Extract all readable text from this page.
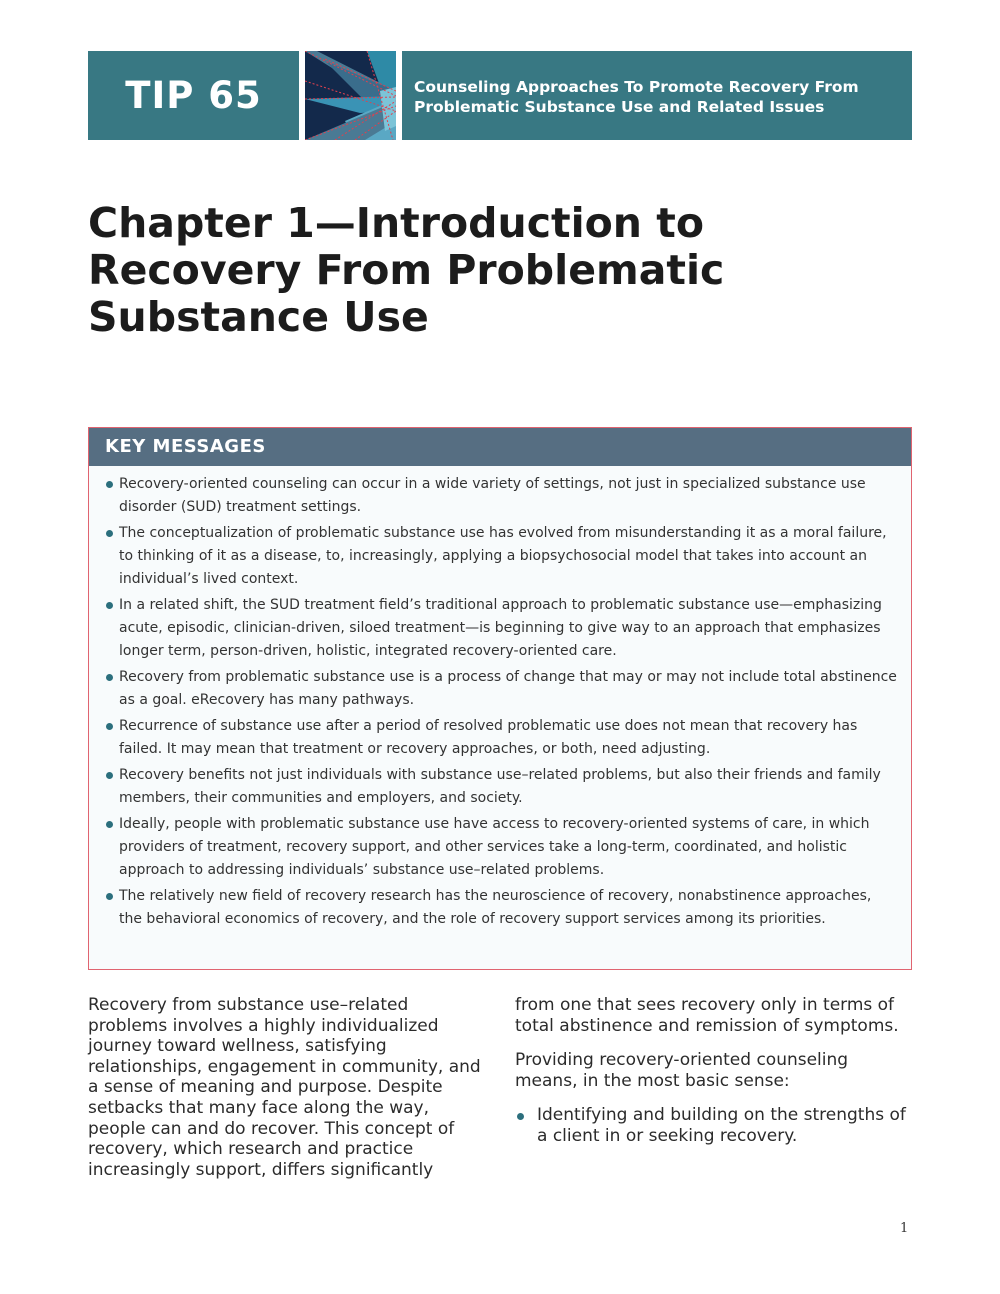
TIP 65	Counseling Approaches To Promote Recovery From
Problematic Substance Use and Related Issues
Chapter 1—Introduction to Recovery From Problematic Substance Use
KEY MESSAGES
Recovery-oriented counseling can occur in a wide variety of settings, not just in specialized substance use disorder (SUD) treatment settings.
The conceptualization of problematic substance use has evolved from misunderstanding it as a moral failure, to thinking of it as a disease, to, increasingly, applying a biopsychosocial model that takes into account an individual’s lived context.
In a related shift, the SUD treatment field’s traditional approach to problematic substance use—emphasizing acute, episodic, clinician-driven, siloed treatment—is beginning to give way to an approach that emphasizes longer term, person-driven, holistic, integrated recovery-oriented care.
Recovery from problematic substance use is a process of change that may or may not include total abstinence as a goal. eRecovery has many pathways.
Recurrence of substance use after a period of resolved problematic use does not mean that recovery has failed. It may mean that treatment or recovery approaches, or both, need adjusting.
Recovery benefits not just individuals with substance use–related problems, but also their friends and family members, their communities and employers, and society.
Ideally, people with problematic substance use have access to recovery-oriented systems of care, in which providers of treatment, recovery support, and other services take a long-term, coordinated, and holistic approach to addressing individuals’ substance use–related problems.
The relatively new field of recovery research has the neuroscience of recovery, nonabstinence approaches, the behavioral economics of recovery, and the role of recovery support services among its priorities.

Recovery from substance use–related problems involves a highly individualized journey toward wellness, satisfying relationships, engagement in community, and a sense of meaning and purpose. Despite setbacks that many face along the way, people can and do recover. This concept of recovery, which research and practice increasingly support, differs significantly

from one that sees recovery only in terms of total abstinence and remission of symptoms.

Providing recovery-oriented counseling means, in the most basic sense:

Identifying and building on the strengths of a client in or seeking recovery.
1
